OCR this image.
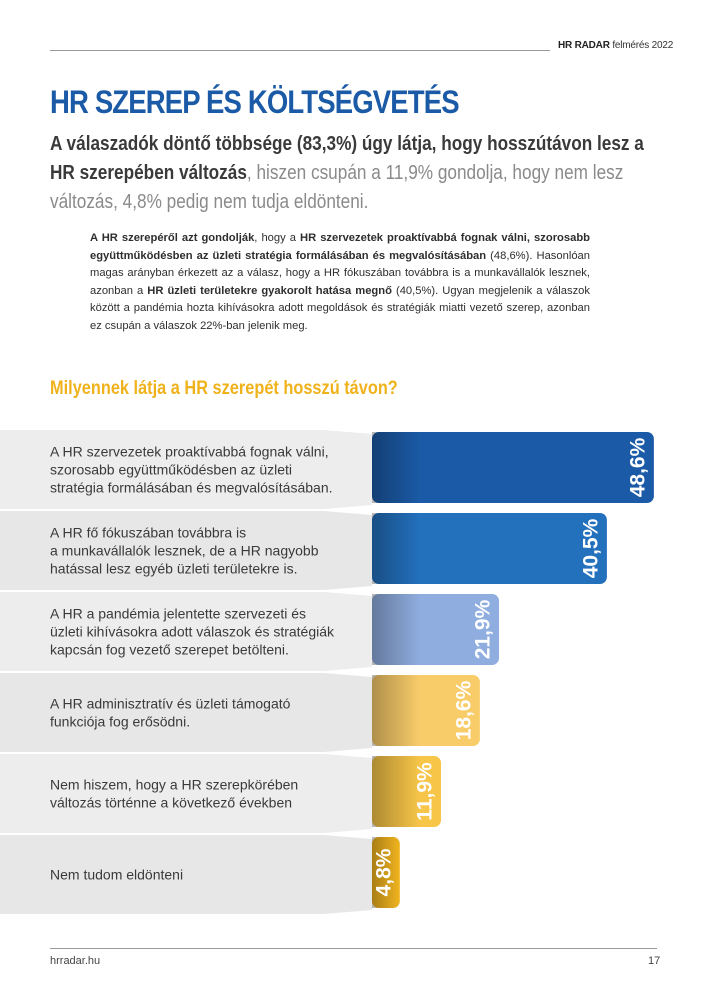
HR RADAR felmérés 2022
HR SZEREP ÉS KÖLTSÉGVETÉS

A válaszadók döntő többsége (83,3%) úgy látja, hogy hosszútávon lesz a HR szerepében változás, hiszen csupán a 11,9% gondolja, hogy nem lesz változás, 4,8% pedig nem tudja eldönteni.

A HR szerepéről azt gondolják, hogy a HR szervezetek proaktívabbá fognak válni, szorosabb együttműködésben az üzleti stratégia formálásában és megvalósításában (48,6%). Hasonlóan magas arányban érkezett az a válasz, hogy a HR fókuszában továbbra is a munkavállalók lesznek, azonban a HR üzleti területekre gyakorolt hatása megnő (40,5%). Ugyan megjelenik a válaszok között a pandémia hozta kihívásokra adott megoldások és stratégiák miatti vezető szerep, azonban ez csupán a válaszok 22%-ban jelenik meg.

Milyennek látja a HR szerepét hosszú távon?
A HR szervezetek proaktívabbá fognak válni, szorosabb együttműködésben az üzleti stratégia formálásában és megvalósításában.	48,6%
A HR fő fókuszában továbbra is a munkavállalók lesznek, de a HR nagyobb hatással lesz egyéb üzleti területekre is.	40,5%
A HR a pandémia jelentette szervezeti és üzleti kihívásokra adott válaszok és stratégiák kapcsán fog vezető szerepet betölteni.	21,9%
A HR adminisztratív és üzleti támogató funkciója fog erősödni.	18,6%
Nem hiszem, hogy a HR szerepkörében változás történne a következő években	11,9%
Nem tudom eldönteni	4,8%
hrradar.hu	17
